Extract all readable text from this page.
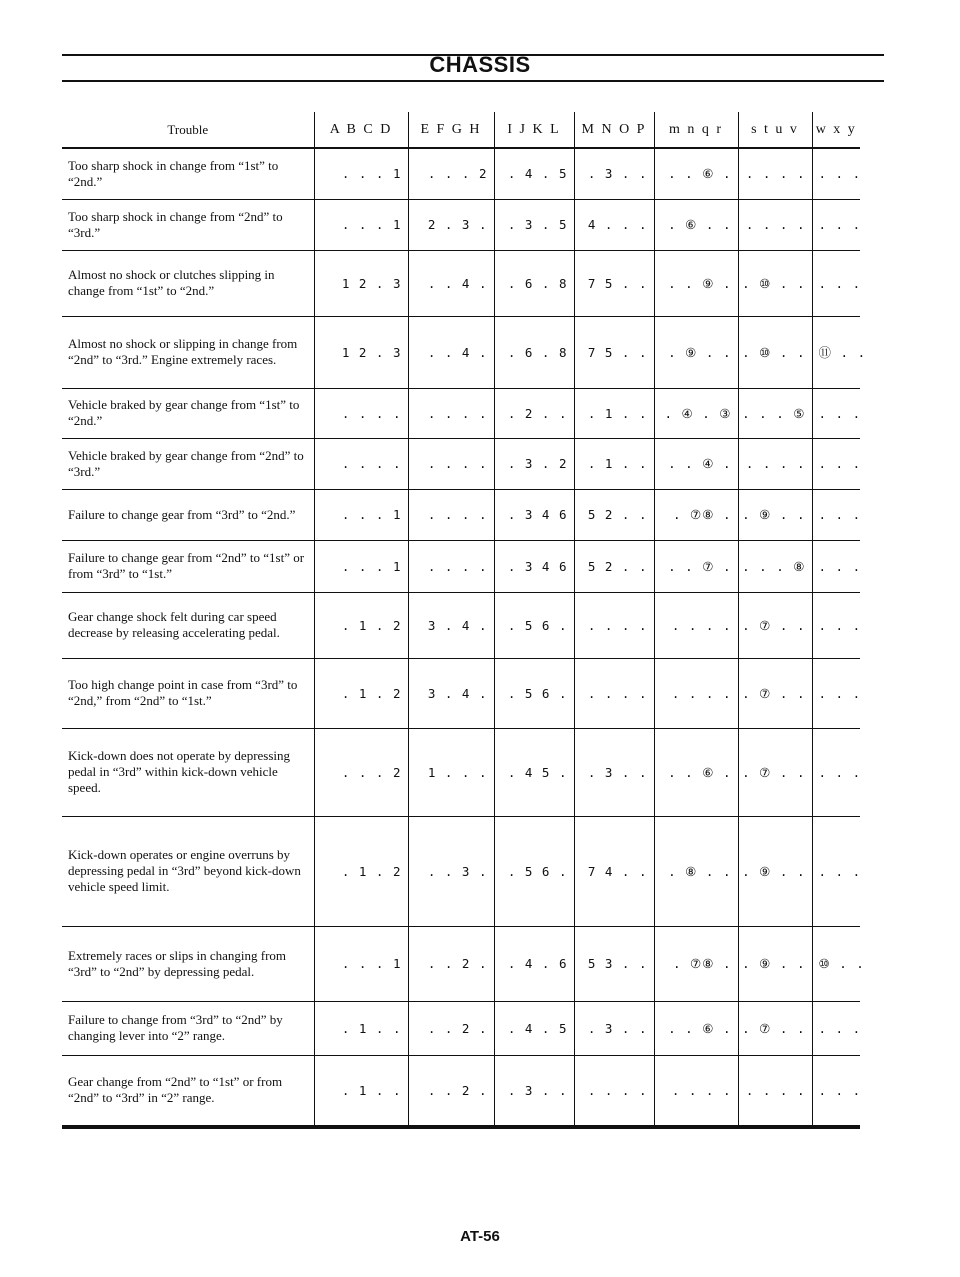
CHASSIS
Trouble	A B C D	E F G H	I J K L	M N O P	m n q r	s t u v	w x y
Too sharp shock in change from “1st” to “2nd.”	. . . 1	. . . 2	. 4 . 5	. 3 . .	. . ⑥ .	. . . .	. . .
Too sharp shock in change from “2nd” to “3rd.”	. . . 1	2 . 3 .	. 3 . 5	4 . . .	. ⑥ . .	. . . .	. . .
Almost no shock or clutches slipping in change from “1st” to “2nd.”	1 2 . 3	. . 4 .	. 6 . 8	7 5 . .	. . ⑨ .	. ⑩ . .	. . .
Almost no shock or slipping in change from “2nd” to “3rd.” Engine extremely races.	1 2 . 3	. . 4 .	. 6 . 8	7 5 . .	. ⑨ . .	. ⑩ . .	⑪ . .
Vehicle braked by gear change from “1st” to “2nd.”	. . . .	. . . .	. 2 . .	. 1 . .	. ④ . ③	. . . ⑤	. . .
Vehicle braked by gear change from “2nd” to “3rd.”	. . . .	. . . .	. 3 . 2	. 1 . .	. . ④ .	. . . .	. . .
Failure to change gear from “3rd” to “2nd.”	. . . 1	. . . .	. 3 4 6	5 2 . .	. ⑦⑧ .	. ⑨ . .	. . .
Failure to change gear from “2nd” to “1st” or from “3rd” to “1st.”	. . . 1	. . . .	. 3 4 6	5 2 . .	. . ⑦ .	. . . ⑧	. . .
Gear change shock felt during car speed decrease by releasing accelerating pedal.	. 1 . 2	3 . 4 .	. 5 6 .	. . . .	. . . .	. ⑦ . .	. . .
Too high change point in case from “3rd” to “2nd,” from “2nd” to “1st.”	. 1 . 2	3 . 4 .	. 5 6 .	. . . .	. . . .	. ⑦ . .	. . .
Kick-down does not operate by depressing pedal in “3rd” within kick-down vehicle speed.	. . . 2	1 . . .	. 4 5 .	. 3 . .	. . ⑥ .	. ⑦ . .	. . .
Kick-down operates or engine overruns by depressing pedal in “3rd” beyond kick-down vehicle speed limit.	. 1 . 2	. . 3 .	. 5 6 .	7 4 . .	. ⑧ . .	. ⑨ . .	. . .
Extremely races or slips in changing from “3rd” to “2nd” by depressing pedal.	. . . 1	. . 2 .	. 4 . 6	5 3 . .	. ⑦⑧ .	. ⑨ . .	⑩ . .
Failure to change from “3rd” to “2nd” by changing lever into “2” range.	. 1 . .	. . 2 .	. 4 . 5	. 3 . .	. . ⑥ .	. ⑦ . .	. . .
Gear change from “2nd” to “1st” or from “2nd” to “3rd” in “2” range.	. 1 . .	. . 2 .	. 3 . .	. . . .	. . . .	. . . .	. . .
AT-56
